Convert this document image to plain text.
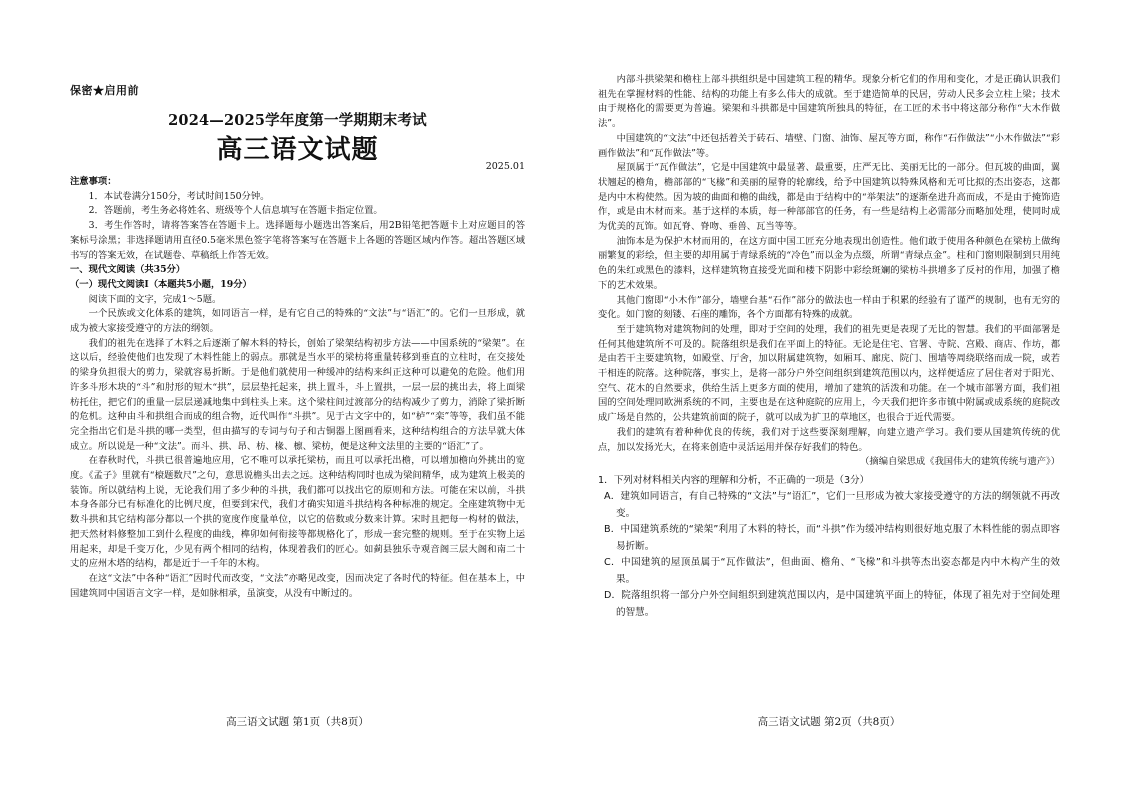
保密★启用前
2024—2025学年度第一学期期末考试
高三语文试题
2025.01

注意事项：

1．本试卷满分150分，考试时间150分钟。

2．答题前，考生务必将姓名、班级等个人信息填写在答题卡指定位置。

3．考生作答时，请将答案答在答题卡上。选择题每小题选出答案后，用2B铅笔把答题卡上对应题目的答案标号涂黑；非选择题请用直径0.5毫米黑色签字笔将答案写在答题卡上各题的答题区域内作答。超出答题区域书写的答案无效，在试题卷、草稿纸上作答无效。

一、现代文阅读（共35分）

（一）现代文阅读I（本题共5小题，19分）

阅读下面的文字，完成1～5题。

一个民族或文化体系的建筑，如同语言一样，是有它自己的特殊的“文法”与“语汇”的。它们一旦形成，就成为被大家接受遵守的方法的纲领。

我们的祖先在选择了木料之后逐渐了解木料的特长，创始了梁架结构初步方法——中国系统的“梁架”。在这以后，经验使他们也发现了木料性能上的弱点。那就是当水平的梁枋将重量转移到垂直的立柱时，在交接处的梁身负担很大的剪力，梁就容易折断。于是他们就使用一种缓冲的结构来纠正这种可以避免的危险。他们用许多斗形木块的“斗”和肘形的短木“拱”，层层垫托起来，拱上置斗，斗上置拱，一层一层的挑出去，将上面梁枋托住，把它们的重量一层层递减地集中到柱头上来。这个梁柱间过渡部分的结构减少了剪力，消除了梁折断的危机。这种由斗和拱组合而成的组合物，近代叫作“斗拱”。见于古文字中的，如“栌”“栾”等等，我们虽不能完全指出它们是斗拱的哪一类型，但由描写的专词与句子和古铜器上图画看来，这种结构组合的方法早就大体成立。所以说是一种“文法”。而斗、拱、昂、枋、椽、檩、梁枋，便是这种文法里的主要的“语汇”了。

在春秋时代，斗拱已很普遍地应用，它不唯可以承托梁枋，而且可以承托出檐，可以增加檐向外挑出的宽度。《孟子》里就有“榱题数尺”之句，意思说檐头出去之远。这种结构同时也成为梁间精华，成为建筑上极美的装饰。所以就结构上说，无论我们用了多少种的斗拱，我们都可以找出它的原则和方法。可能在宋以前，斗拱本身各部分已有标准化的比例尺度，但要到宋代，我们才确实知道斗拱结构各种标准的规定。全座建筑物中无数斗拱和其它结构部分都以一个拱的宽度作度量单位，以它的倍数或分数来计算。宋时且把每一构材的做法，把天然材料修整加工到什么程度的曲线，榫卯如何衔接等都规格化了，形成一套完整的规则。至于在实物上运用起来，却是千变万化，少见有两个相同的结构，体现着我们的匠心。如蓟县独乐寺观音阁三层大阁和南二十丈的应州木塔的结构，都是近于一千年的木构。

在这“文法”中各种“语汇”因时代而改变，“文法”亦略见改变，因而决定了各时代的特征。但在基本上，中国建筑同中国语言文字一样，是如脉相承，虽演变，从没有中断过的。

高三语文试题 第1页（共8页）

内部斗拱梁架和檐柱上部斗拱组织是中国建筑工程的精华。现象分析它们的作用和变化，才是正确认识我们祖先在掌握材料的性能、结构的功能上有多么伟大的成就。至于建造简单的民居，劳动人民多会立柱上梁；技术由于规格化的需要更为普遍。梁架和斗拱都是中国建筑所独具的特征，在工匠的术书中将这部分称作“大木作做法”。

中国建筑的“文法”中还包括着关于砖石、墙壁、门窗、油饰、屋瓦等方面，称作“石作做法”“小木作做法”“彩画作做法”和“瓦作做法”等。

屋顶属于“瓦作做法”，它是中国建筑中最显著、最重要，庄严无比、美丽无比的一部分。但瓦坡的曲面，翼状翘起的檐角，檐部部的“飞椽”和美丽的屋脊的轮廓线，给予中国建筑以特殊风格和无可比拟的杰出姿态，这都是内中木构使然。因为坡的曲面和檐的曲线，都是由于结构中的“举架法”的逐渐垒进升高而成，不是由于掩饰造作，或是由木材而来。基于这样的本质，每一种部部官的任务，有一些是结构上必需部分而略加处理，使同时成为优美的瓦饰。如瓦脊、脊吻、垂兽、瓦当等等。

油饰本是为保护木材而用的，在这方面中国工匠充分地表现出创造性。他们敢于使用各种颜色在梁枋上做绚丽繁复的彩绘，但主要的却用属于青绿系统的“冷色”而以金为点缀，所谓“青绿点金”。柱和门窗则限制到只用纯色的朱红或黑色的漆料，这样建筑物直接受光面和楼下阴影中彩绘斑斓的梁枋斗拱增多了反衬的作用，加强了檐下的艺术效果。

其他门窗即“小木作”部分，墙壁台基“石作”部分的做法也一样由于积累的经验有了谨严的规制，也有无穷的变化。如门窗的刻镂、石座的雕饰，各个方面都有特殊的成就。

至于建筑物对建筑物间的处理，即对于空间的处理，我们的祖先更是表现了无比的智慧。我们的平面部署是任何其他建筑所不可及的。院落组织是我们在平面上的特征。无论是住宅、官署、寺院、宫殿、商店、作坊，都是由若干主要建筑物，如殿堂、厅舍，加以附属建筑物，如厢耳、廊庑、院门、围墙等周绕联络而成一院，或若干相连的院落。这种院落，事实上，是将一部分户外空间组织到建筑范围以内，这样便适应了居住者对于阳光、空气、花木的自然要求，供给生活上更多方面的使用，增加了建筑的活泼和功能。在一个城市部署方面，我们祖国的空间处理同欧洲系统的不同，主要也是在这种庭院的应用上，今天我们把许多市镇中附属或成系统的庭院改成广场是自然的，公共建筑前面的院子，就可以成为扩卫的草地区，也很合于近代需要。

我们的建筑有着种种优良的传统，我们对于这些要深刻理解，向建立遗产学习。我们要从国建筑传统的优点，加以发扬光大，在将来创造中灵活运用并保存好我们的特色。

（摘编自梁思成《我国伟大的建筑传统与遗产》）

1．下列对材料相关内容的理解和分析，不正确的一项是（3分）

A．建筑如同语言，有自己特殊的“文法”与“语汇”，它们一旦形成为被大家接受遵守的方法的纲领就不再改变。

B．中国建筑系统的“梁架”利用了木料的特长，而“斗拱”作为缓冲结构则很好地克服了木料性能的弱点即容易折断。

C．中国建筑的屋顶虽属于“瓦作做法”，但曲面、檐角、“飞椽”和斗拱等杰出姿态都是内中木构产生的效果。

D．院落组织将一部分户外空间组织到建筑范围以内，是中国建筑平面上的特征，体现了祖先对于空间处理的智慧。

高三语文试题 第2页（共8页）
